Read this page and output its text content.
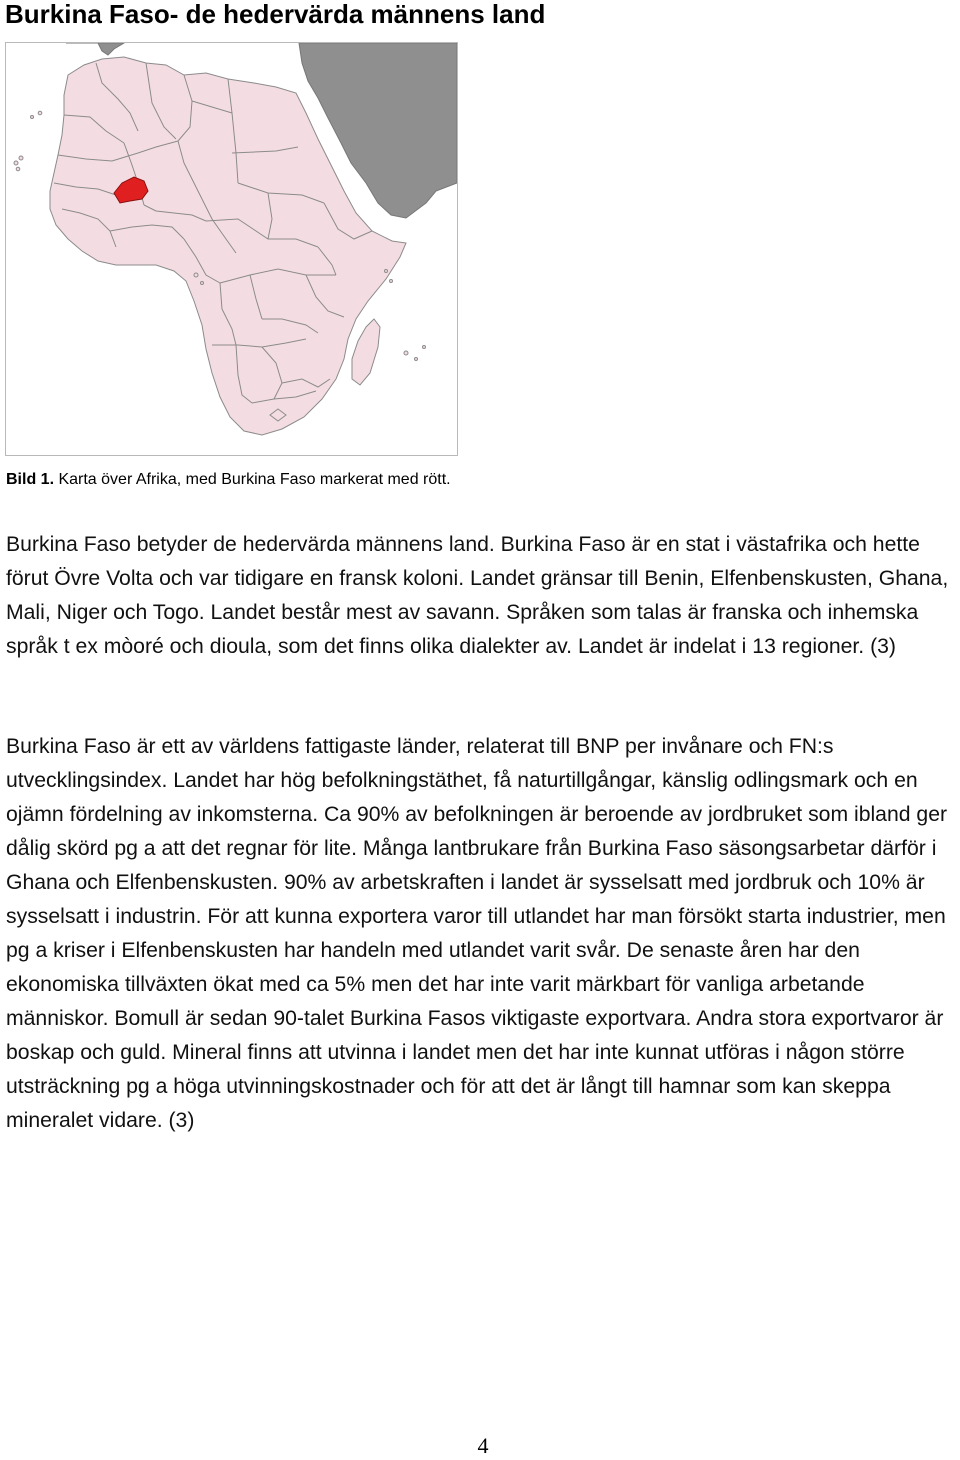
Burkina Faso- de hedervärda männens land
Bild 1. Karta över Afrika, med Burkina Faso markerat med rött.

Burkina Faso betyder de hedervärda männens land. Burkina Faso är en stat i västafrika och hette förut Övre Volta och var tidigare en fransk koloni. Landet gränsar till Benin, Elfenbenskusten, Ghana, Mali, Niger och Togo. Landet består mest av savann. Språken som talas är franska och inhemska språk t ex mòoré och dioula, som det finns olika dialekter av. Landet är indelat i 13 regioner. (3)

Burkina Faso är ett av världens fattigaste länder, relaterat till BNP per invånare och FN:s utvecklingsindex. Landet har hög befolkningstäthet, få naturtillgångar, känslig odlingsmark och en ojämn fördelning av inkomsterna. Ca 90% av befolkningen är beroende av jordbruket som ibland ger dålig skörd pg a att det regnar för lite. Många lantbrukare från Burkina Faso säsongsarbetar därför i Ghana och Elfenbenskusten. 90% av arbetskraften i landet är sysselsatt med jordbruk och 10% är sysselsatt i industrin. För att kunna exportera varor till utlandet har man försökt starta industrier, men pg a kriser i Elfenbenskusten har handeln med utlandet varit svår. De senaste åren har den ekonomiska tillväxten ökat med ca 5% men det har inte varit märkbart för vanliga arbetande människor. Bomull är sedan 90-talet Burkina Fasos viktigaste exportvara. Andra stora exportvaror är boskap och guld. Mineral finns att utvinna i landet men det har inte kunnat utföras i någon större utsträckning pg a höga utvinningskostnader och för att det är långt till hamnar som kan skeppa mineralet vidare. (3)

4
